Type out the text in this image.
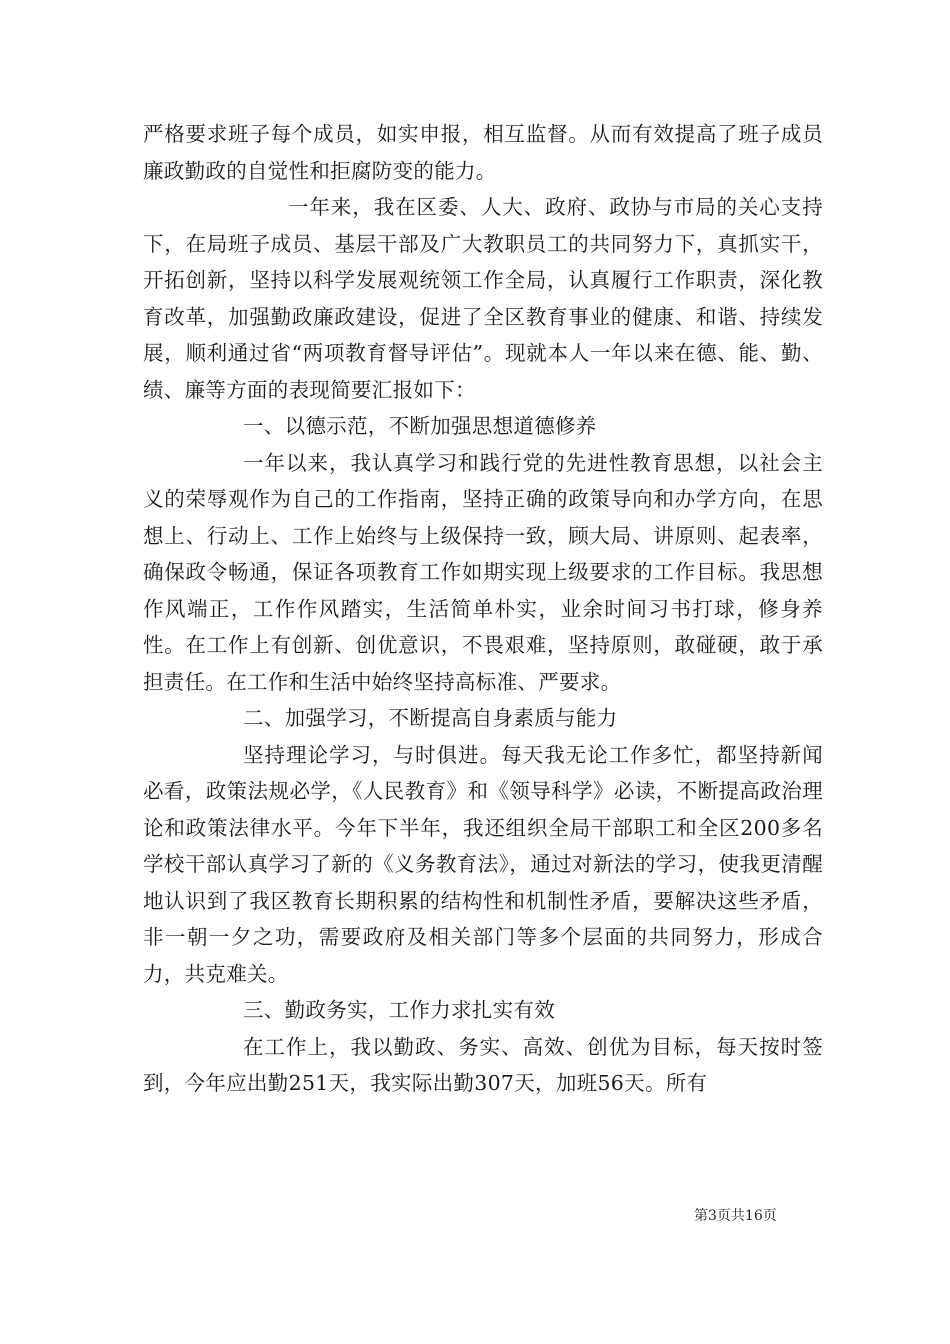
严格要求班子每个成员，如实申报，相互监督。从而有效提高了班子成员廉政勤政的自觉性和拒腐防变的能力。

一年来，我在区委、人大、政府、政协与市局的关心支持下，在局班子成员、基层干部及广大教职员工的共同努力下，真抓实干，开拓创新，坚持以科学发展观统领工作全局，认真履行工作职责，深化教育改革，加强勤政廉政建设，促进了全区教育事业的健康、和谐、持续发展，顺利通过省“两项教育督导评估”。现就本人一年以来在德、能、勤、绩、廉等方面的表现简要汇报如下：

一、以德示范，不断加强思想道德修养

一年以来，我认真学习和践行党的先进性教育思想，以社会主义的荣辱观作为自己的工作指南，坚持正确的政策导向和办学方向，在思想上、行动上、工作上始终与上级保持一致，顾大局、讲原则、起表率，确保政令畅通，保证各项教育工作如期实现上级要求的工作目标。我思想作风端正，工作作风踏实，生活简单朴实，业余时间习书打球，修身养性。在工作上有创新、创优意识，不畏艰难，坚持原则，敢碰硬，敢于承担责任。在工作和生活中始终坚持高标准、严要求。

二、加强学习，不断提高自身素质与能力

坚持理论学习，与时俱进。每天我无论工作多忙，都坚持新闻必看，政策法规必学，《人民教育》和《领导科学》必读，不断提高政治理论和政策法律水平。今年下半年，我还组织全局干部职工和全区200多名学校干部认真学习了新的《义务教育法》，通过对新法的学习，使我更清醒地认识到了我区教育长期积累的结构性和机制性矛盾，要解决这些矛盾，非一朝一夕之功，需要政府及相关部门等多个层面的共同努力，形成合力，共克难关。

三、勤政务实，工作力求扎实有效

在工作上，我以勤政、务实、高效、创优为目标，每天按时签到，今年应出勤251天，我实际出勤307天，加班56天。所有

第3页共16页
